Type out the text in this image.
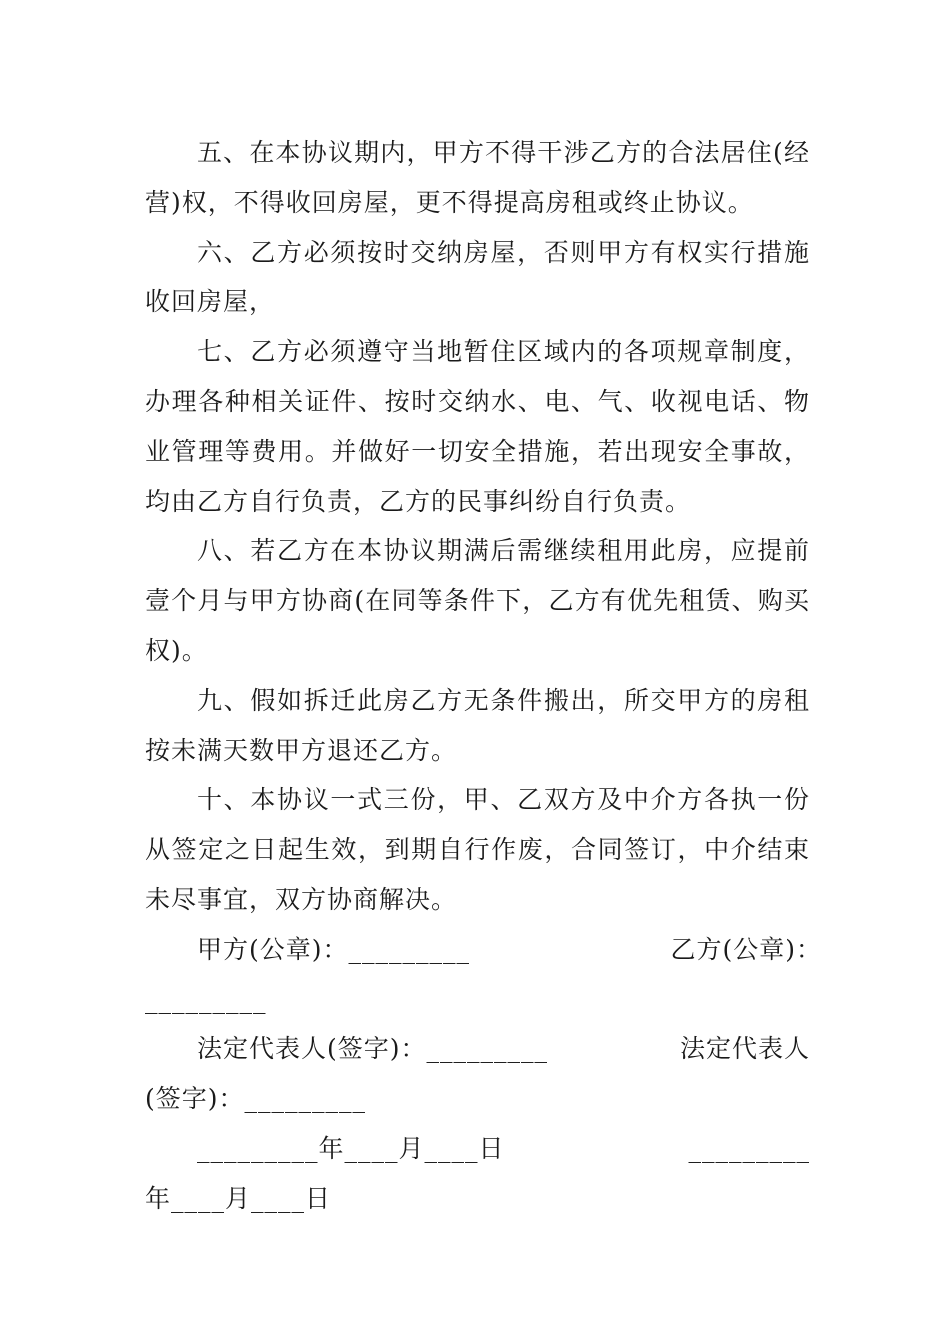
五、在本协议期内，甲方不得干涉乙方的合法居住(经营)权，不得收回房屋，更不得提高房租或终止协议。

六、乙方必须按时交纳房屋，否则甲方有权实行措施收回房屋，

七、乙方必须遵守当地暂住区域内的各项规章制度，办理各种相关证件、按时交纳水、电、气、收视电话、物业管理等费用。并做好一切安全措施，若出现安全事故，均由乙方自行负责，乙方的民事纠纷自行负责。

八、若乙方在本协议期满后需继续租用此房，应提前壹个月与甲方协商(在同等条件下，乙方有优先租赁、购买权)。

九、假如拆迁此房乙方无条件搬出，所交甲方的房租按未满天数甲方退还乙方。

十、本协议一式三份，甲、乙双方及中介方各执一份从签定之日起生效，到期自行作废，合同签订，中介结束未尽事宜，双方协商解决。

甲方(公章)：_________	乙方(公章)：
_________
法定代表人(签字)：_________	法定代表人
(签字)：_________
_________年____月____日	_________
年____月____日
